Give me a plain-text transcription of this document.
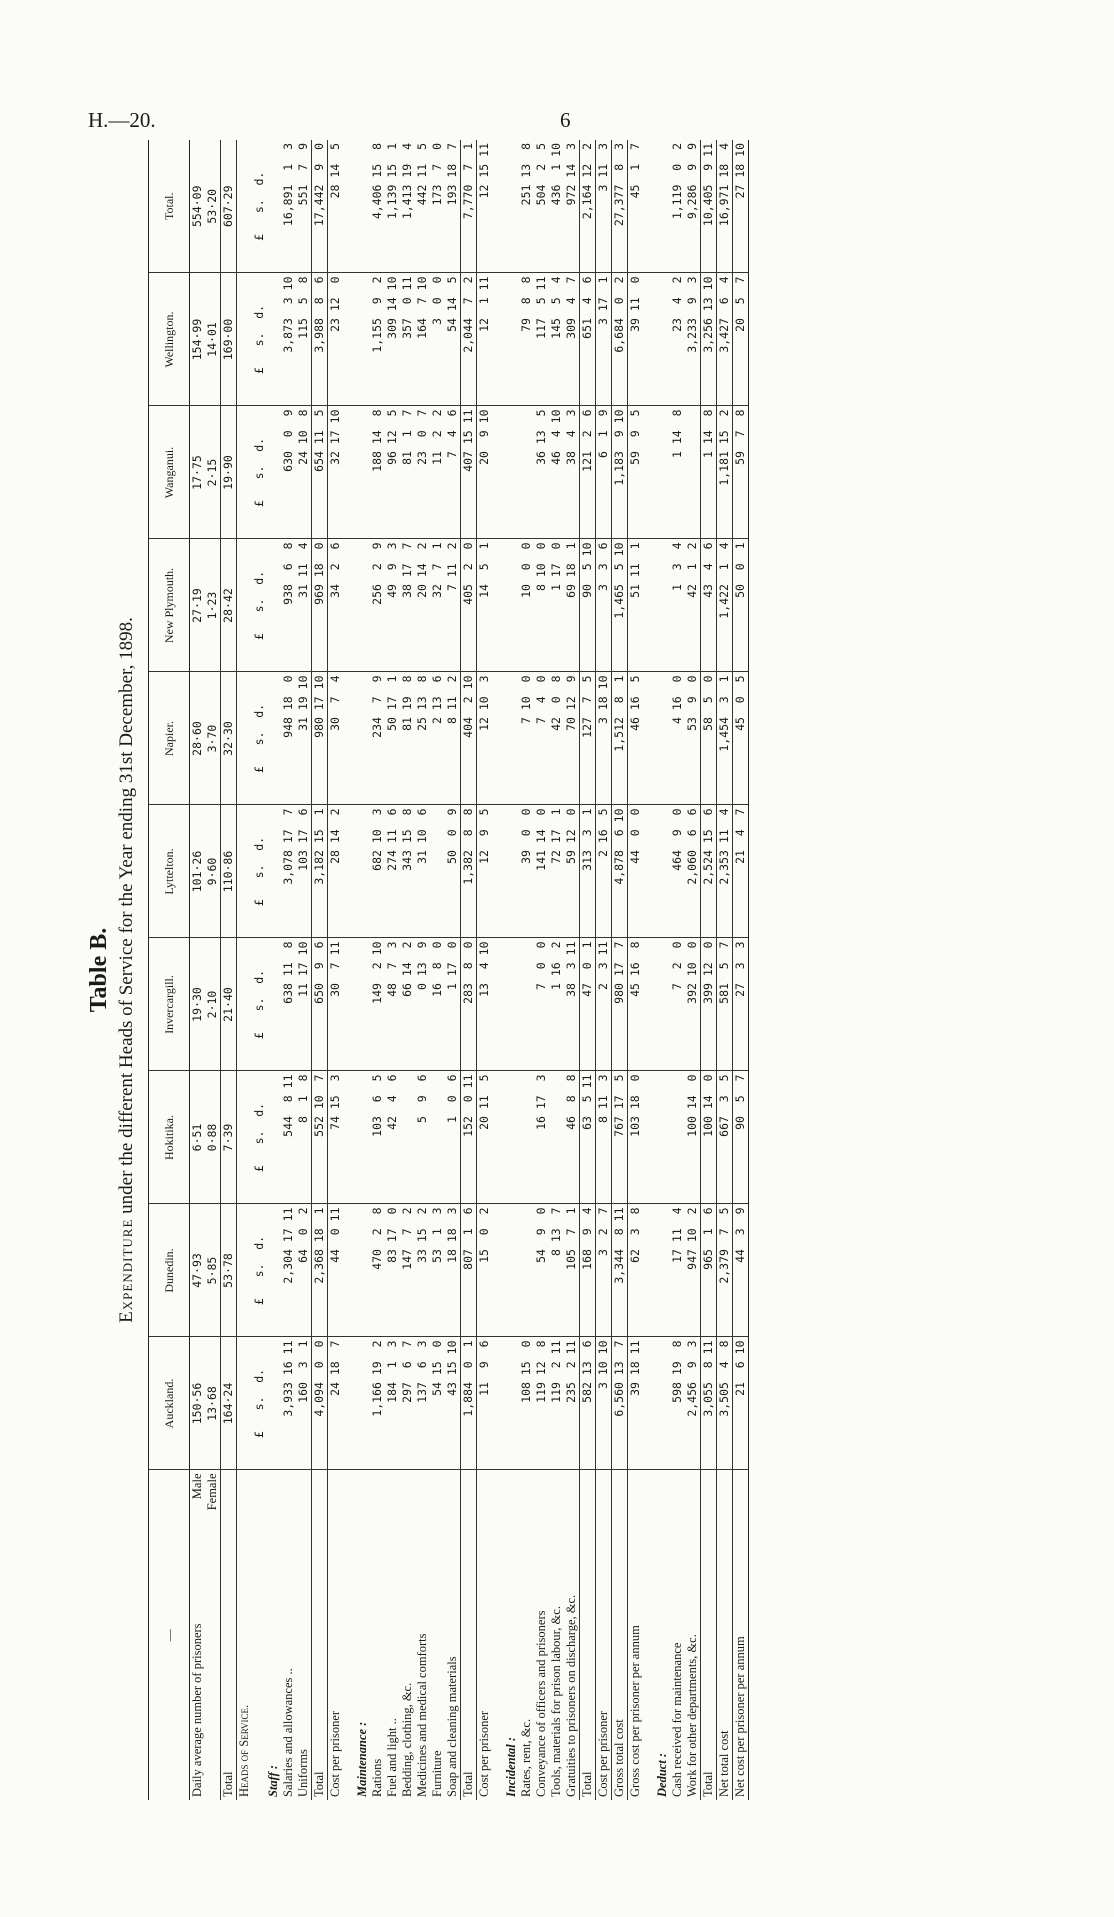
H.—20.	6
Table B.
Expenditure under the different Heads of Service for the Year ending 31st December, 1898.
—	Auckland.	Dunedin.	Hokitika.	Invercargill.	Lyttelton.	Napier.	New Plymouth.	Wanganui.	Wellington.	Total.
Daily average number of prisoners
Male	150·56	47·93	6·51	19·30	101·26	28·60	27·19	17·75	154·99	554·09
Female	13·68	5·85	0·88	2·10	9·60	3·70	1·23	2·15	14·01	53·20
Total	164·24	53·78	7·39	21·40	110·86	32·30	28·42	19·90	169·00	607·29
Heads of Service.										
	£   s.  d.	£   s.  d.	£   s.  d.	£   s.  d.	£   s.  d.	£   s.  d.	£   s.  d.	£   s.  d.	£   s.  d.	£   s.  d.
Staff :										
Salaries and allowances ..	3,933 16 11	2,304 17 11	544  8 11	638 11  8	3,078 17  7	948 18  0	938  6  8	630  0  9	3,873  3 10	16,891  1  3
Uniforms	160  3  1	64  0  2	8  1  8	11 17 10	103 17  6	31 19 10	31 11  4	24 10  8	115  5  8	551  7  9
Total	4,094  0  0	2,368 18  1	552 10  7	650  9  6	3,182 15  1	980 17 10	969 18  0	654 11  5	3,988  8  6	17,442  9  0
Cost per prisoner	24 18  7	44  0 11	74 15  3	30  7 11	28 14  2	30  7  4	34  2  6	32 17 10	23 12  0	28 14  5

Maintenance :										
Rations	1,166 19  2	470  2  8	103  6  5	149  2 10	682 10  3	234  7  9	256  2  9	188 14  8	1,155  9  2	4,406 15  8
Fuel and light ..	184  1  3	83 17  0	42  4  6	48  7  3	274 11  6	50 17  1	49  9  3	96 12  5	309 14 10	1,139 15  1
Bedding, clothing, &c.	297  6  7	147  7  2		66 14  2	343 15  8	81 19  8	38 17  7	81  1  7	357  0 11	1,413 19  4
Medicines and medical comforts	137  6  3	33 15  2	5  9  6	0 13  9	31 10  6	25 13  8	20 14  2	23  0  7	164  7 10	442 11  5
Furniture	54 15  0	53  1  3		16  8  0		2 13  6	32  7  1	11  2  2	3  0  0	173  7  0
Soap and cleaning materials	43 15 10	18 18  3	1  0  6	1 17  0	50  0  9	8 11  2	7 11  2	7  4  6	54 14  5	193 18  7
Total	1,884  0  1	807  1  6	152  0 11	283  8  0	1,382  8  8	404  2 10	405  2  0	407 15 11	2,044  7  2	7,770  7  1
Cost per prisoner	11  9  6	15  0  2	20 11  5	13  4 10	12  9  5	12 10  3	14  5  1	20  9 10	12  1 11	12 15 11

Incidental :										
Rates, rent, &c.	108 15  0				39  0  0	7 10  0	10  0  0		79  8  8	251 13  8
Conveyance of officers and prisoners	119 12  8	54  9  0	16 17  3	7  0  0	141 14  0	7  4  0	8 10  0	36 13  5	117  5 11	504  2  5
Tools, materials for prison labour, &c.	119  2 11	8 13  7		1 16  2	72 17  1	42  0  8	1 17  0	46  4 10	145  5  4	436  1 10
Gratuities to prisoners on discharge, &c.	235  2 11	105  7  1	46  8  8	38  3 11	59 12  0	70 12  9	69 18  1	38  4  3	309  4  7	972 14  3
Total	582 13  6	168  9  4	63  5 11	47  0  1	313  3  1	127  7  5	90  5 10	121  2  6	651  4  6	2,164 12  2
Cost per prisoner	3 10 10	3  2  7	8 11  3	2  3 11	2 16  5	3 18 10	3  3  6	6  1  9	3 17  1	3 11  3
Gross total cost	6,560 13  7	3,344  8 11	767 17  5	980 17  7	4,878  6 10	1,512  8  1	1,465  5 10	1,183  9 10	6,684  0  2	27,377  8  3
Gross cost per prisoner per annum	39 18 11	62  3  8	103 18  0	45 16  8	44  0  0	46 16  5	51 11  1	59  9  5	39 11  0	45  1  7

Deduct :										
Cash received for maintenance	598 19  8	17 11  4		7  2  0	464  9  0	4 16  0	1  3  4	1 14  8	23  4  2	1,119  0  2
Work for other departments, &c.	2,456  9  3	947 10  2	100 14  0	392 10  0	2,060  6  6	53  9  0	42  1  2		3,233  9  3	9,286  9  9
Total	3,055  8 11	965  1  6	100 14  0	399 12  0	2,524 15  6	58  5  0	43  4  6	1 14  8	3,256 13 10	10,405  9 11
Net total cost	3,505  4  8	2,379  7  5	667  3  5	581  5  7	2,353 11  4	1,454  3  1	1,422  1  4	1,181 15  2	3,427  6  4	16,971 18  4
Net cost per prisoner per annum	21  6 10	44  3  9	90  5  7	27  3  3	21  4  7	45  0  5	50  0  1	59  7  8	20  5  7	27 18 10
